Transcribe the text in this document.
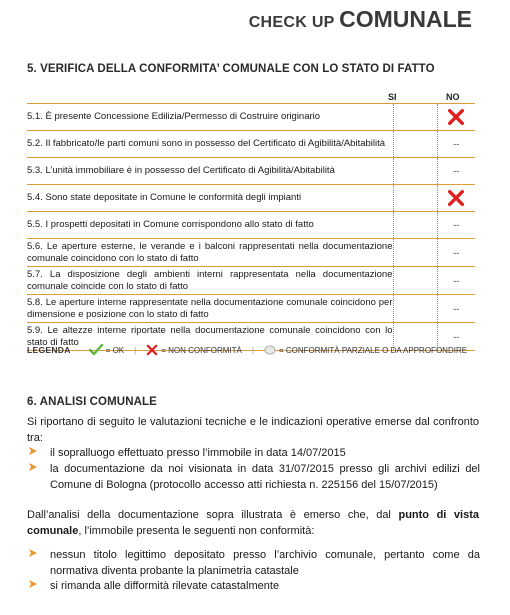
CHECK UP COMUNALE
5. VERIFICA DELLA CONFORMITA’ COMUNALE CON LO STATO DI FATTO
SI	NO
5.1. È presente Concessione Edilizia/Permesso di Costruire originario		
5.2. Il fabbricato/le parti comuni sono in possesso del Certificato di Agibilità/Abitabilità		--
5.3. L’unità immobiliare è in possesso del Certificato di Agibilità/Abitabilità		--
5.4. Sono state depositate in Comune le conformità degli impianti		
5.5. I prospetti depositati in Comune corrispondono allo stato di fatto		--
5.6. Le aperture esterne, le verande e i balconi rappresentati nella documentazione comunale coincidono con lo stato di fatto		--
5.7. La disposizione degli ambienti interni rappresentata nella documentazione comunale coincide con lo stato di fatto		--
5.8. Le aperture interne rappresentate nella documentazione comunale coincidono per dimensione e posizione con lo stato di fatto		--
5.9. Le altezze interne riportate nella documentazione comunale coincidono con lo stato di fatto		--
LEGENDA	= OK |	= NON CONFORMITÀ |	= CONFORMITÀ PARZIALE O DA APPROFONDIRE
6. ANALISI COMUNALE
Si riportano di seguito le valutazioni tecniche e le indicazioni operative emerse dal confronto tra:
il sopralluogo effettuato presso l’immobile in data 14/07/2015
la documentazione da noi visionata in data 31/07/2015 presso gli archivi edilizi del Comune di Bologna (protocollo accesso atti richiesta n. 225156 del 15/07/2015)
Dall’analisi della documentazione sopra illustrata è emerso che, dal punto di vista comunale, l’immobile presenta le seguenti non conformità:
nessun titolo legittimo depositato presso l’archivio comunale, pertanto come da normativa diventa probante la planimetria catastale
si rimanda alle difformità rilevate catastalmente
